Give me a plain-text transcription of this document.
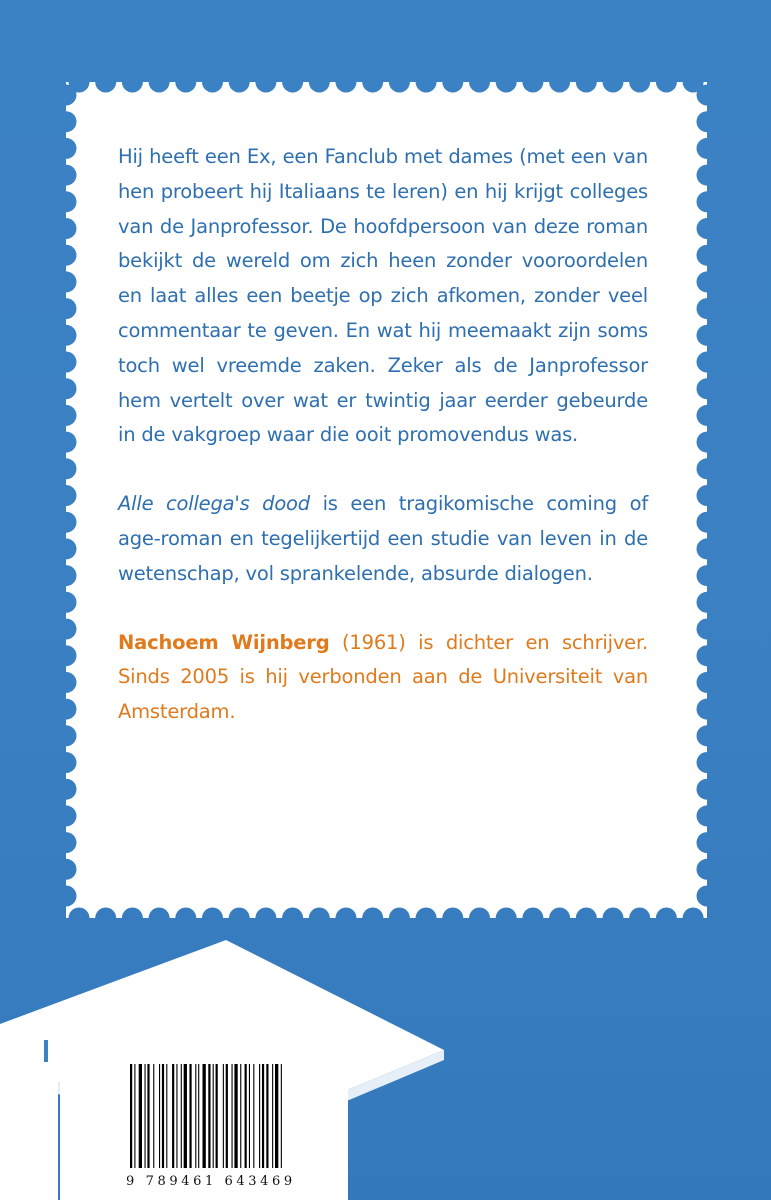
Hij heeft een Ex, een Fanclub met dames (met een van hen probeert hij Italiaans te leren) en hij krijgt colleges van de Janprofessor. De hoofdpersoon van deze roman bekijkt de wereld om zich heen zonder vooroordelen en laat alles een beetje op zich afkomen, zonder veel commentaar te geven. En wat hij meemaakt zijn soms toch wel vreemde zaken. Zeker als de Janprofessor hem vertelt over wat er twintig jaar eerder gebeurde in de vakgroep waar die ooit promovendus was.

Alle collega's dood is een tragikomische coming of age-roman en tegelijkertijd een studie van leven in de wetenschap, vol sprankelende, absurde dialogen.

Nachoem Wijnberg (1961) is dichter en schrijver. Sinds 2005 is hij verbonden aan de Universiteit van Amsterdam.

9 789461 643469
